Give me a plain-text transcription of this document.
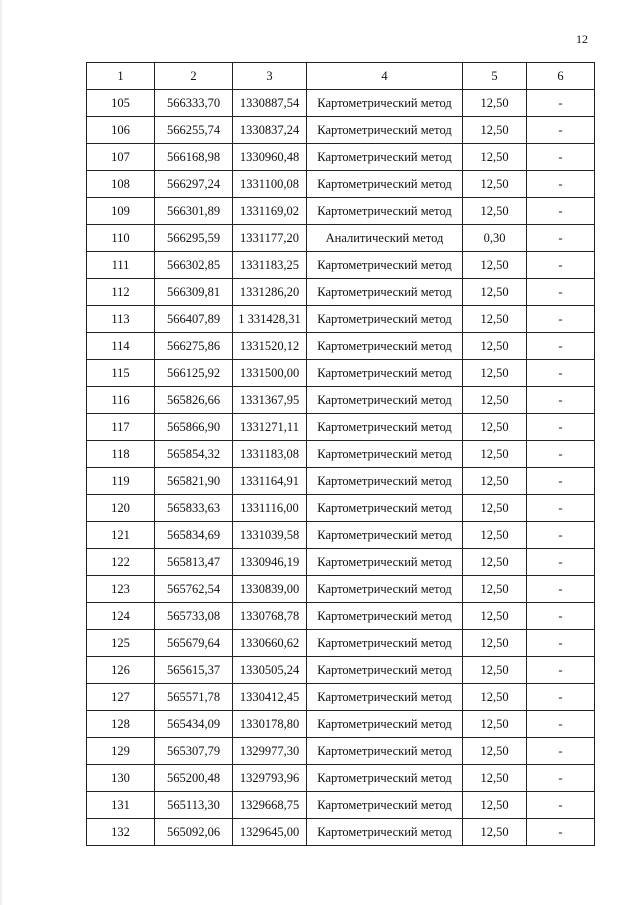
12
1	2	3	4	5	6
105	566333,70	1330887,54	Картометрический метод	12,50	-
106	566255,74	1330837,24	Картометрический метод	12,50	-
107	566168,98	1330960,48	Картометрический метод	12,50	-
108	566297,24	1331100,08	Картометрический метод	12,50	-
109	566301,89	1331169,02	Картометрический метод	12,50	-
110	566295,59	1331177,20	Аналитический метод	0,30	-
111	566302,85	1331183,25	Картометрический метод	12,50	-
112	566309,81	1331286,20	Картометрический метод	12,50	-
113	566407,89	1 331428,31	Картометрический метод	12,50	-
114	566275,86	1331520,12	Картометрический метод	12,50	-
115	566125,92	1331500,00	Картометрический метод	12,50	-
116	565826,66	1331367,95	Картометрический метод	12,50	-
117	565866,90	1331271,11	Картометрический метод	12,50	-
118	565854,32	1331183,08	Картометрический метод	12,50	-
119	565821,90	1331164,91	Картометрический метод	12,50	-
120	565833,63	1331116,00	Картометрический метод	12,50	-
121	565834,69	1331039,58	Картометрический метод	12,50	-
122	565813,47	1330946,19	Картометрический метод	12,50	-
123	565762,54	1330839,00	Картометрический метод	12,50	-
124	565733,08	1330768,78	Картометрический метод	12,50	-
125	565679,64	1330660,62	Картометрический метод	12,50	-
126	565615,37	1330505,24	Картометрический метод	12,50	-
127	565571,78	1330412,45	Картометрический метод	12,50	-
128	565434,09	1330178,80	Картометрический метод	12,50	-
129	565307,79	1329977,30	Картометрический метод	12,50	-
130	565200,48	1329793,96	Картометрический метод	12,50	-
131	565113,30	1329668,75	Картометрический метод	12,50	-
132	565092,06	1329645,00	Картометрический метод	12,50	-
